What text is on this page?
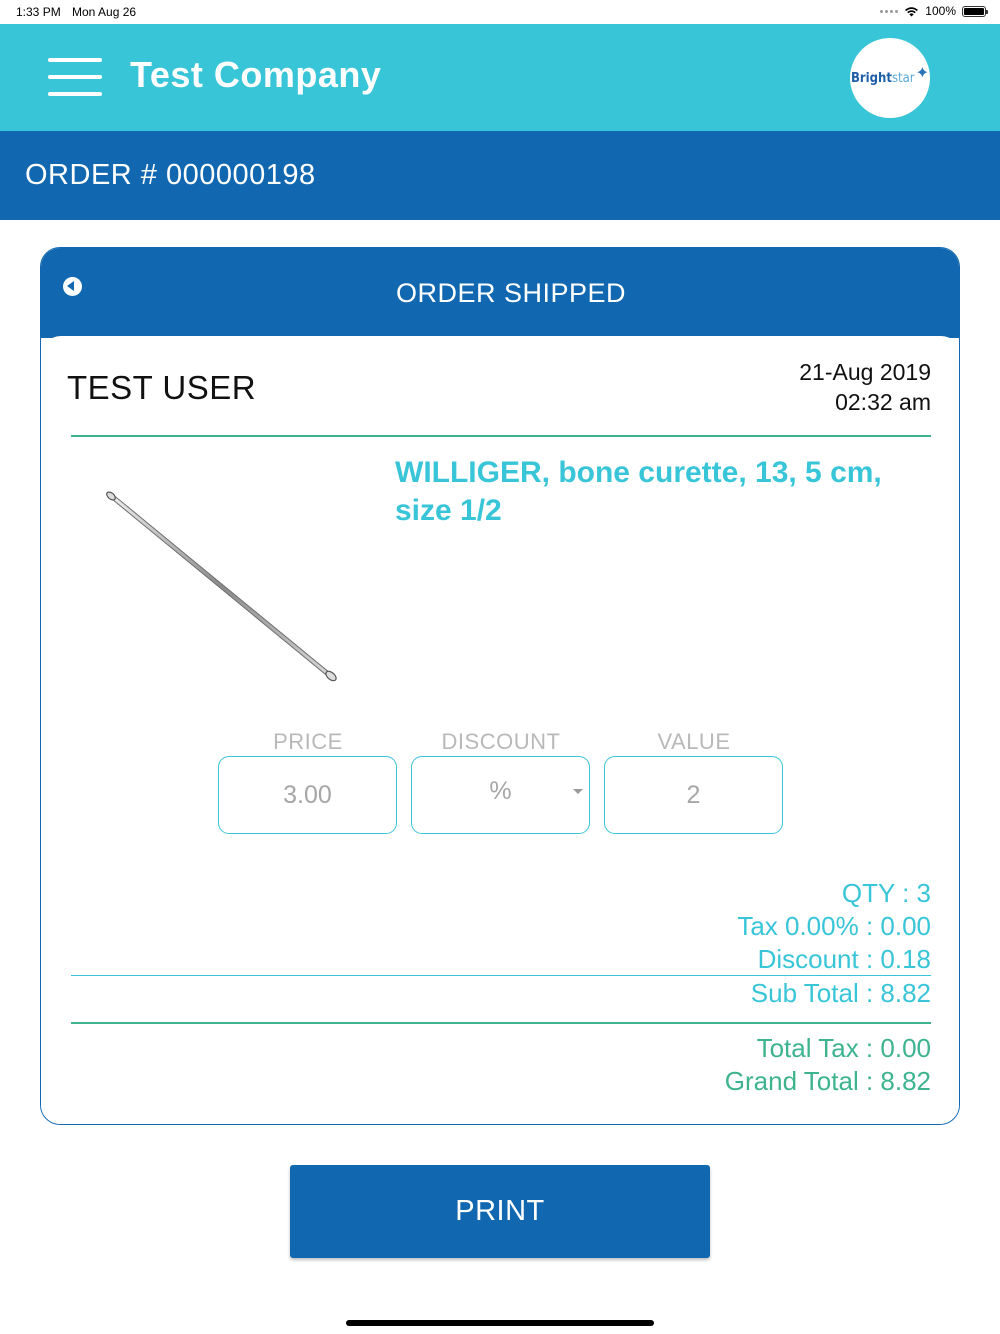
1:33 PM Mon Aug 26	100%
Test Company	Brightstar ✦
ORDER # 000000198
ORDER SHIPPED
TEST USER	21-Aug 2019
02:32 am
WILLIGER, bone curette, 13, 5 cm, size 1/2
PRICE
3.00
DISCOUNT
%
VALUE
2
QTY : 3
Tax 0.00% : 0.00
Discount : 0.18
Sub Total : 8.82
Total Tax : 0.00
Grand Total : 8.82
PRINT
